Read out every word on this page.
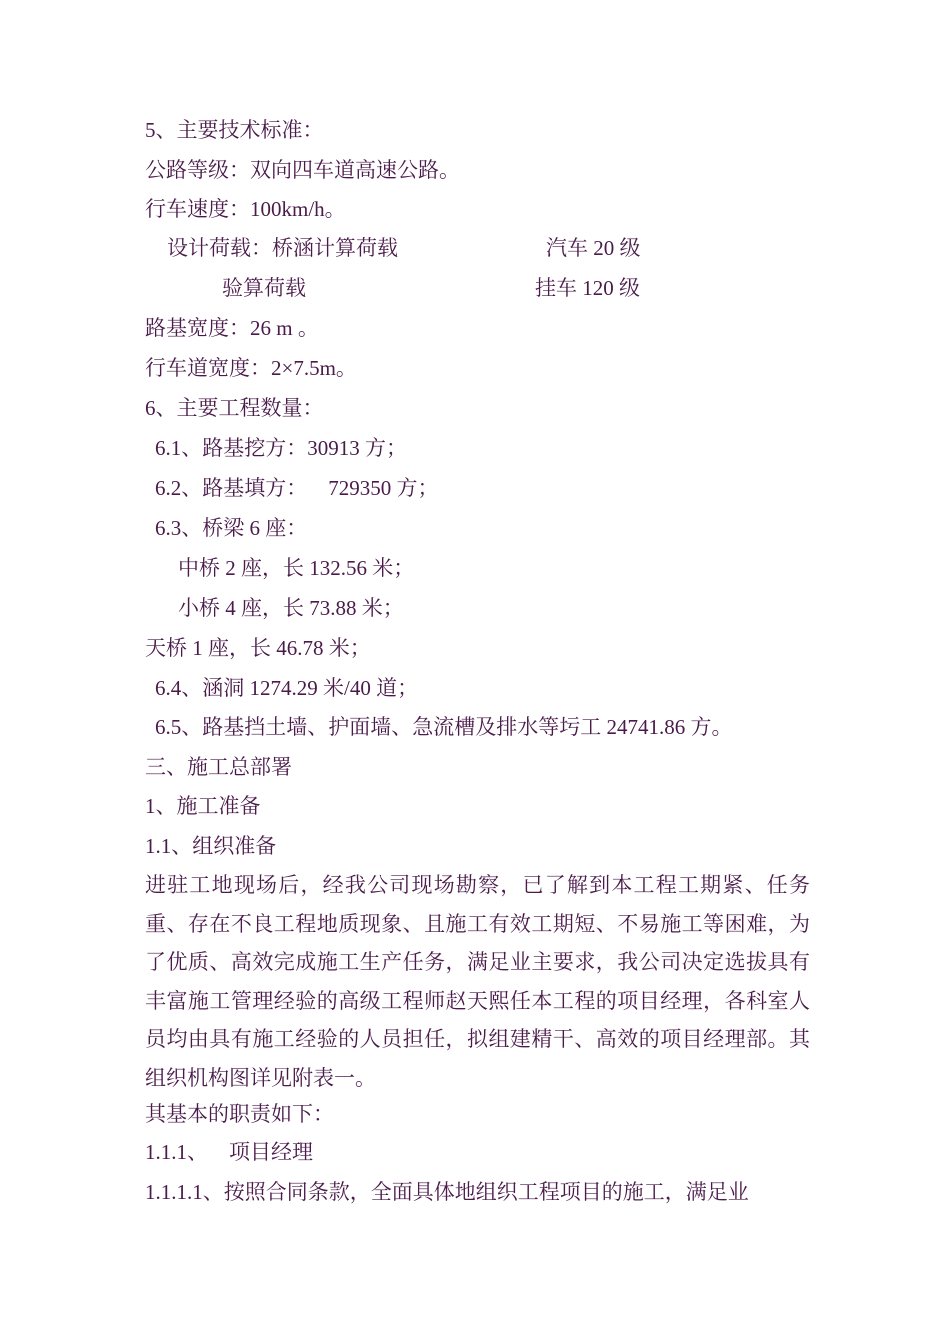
5、主要技术标准：
公路等级：双向四车道高速公路。
行车速度：100km/h。
设计荷载：桥涵计算荷载	汽车 20 级
验算荷载	挂车 120 级
路基宽度：26 m 。
行车道宽度：2×7.5m。
6、主要工程数量：
6.1、路基挖方：30913 方；
6.2、路基填方：    729350 方；
6.3、桥梁 6 座：
中桥 2 座，长 132.56 米；
小桥 4 座，长 73.88 米；
天桥 1 座，长 46.78 米；
6.4、涵洞 1274.29 米/40 道；
6.5、路基挡土墙、护面墙、急流槽及排水等圬工 24741.86 方。
三、施工总部署
1、施工准备
1.1、组织准备
进驻工地现场后，经我公司现场勘察，已了解到本工程工期紧、任务重、存在不良工程地质现象、且施工有效工期短、不易施工等困难，为了优质、高效完成施工生产任务，满足业主要求，我公司决定选拔具有丰富施工管理经验的高级工程师赵天熙任本工程的项目经理，各科室人员均由具有施工经验的人员担任，拟组建精干、高效的项目经理部。其组织机构图详见附表一。
其基本的职责如下：
1.1.1、    项目经理
1.1.1.1、按照合同条款，全面具体地组织工程项目的施工，满足业
